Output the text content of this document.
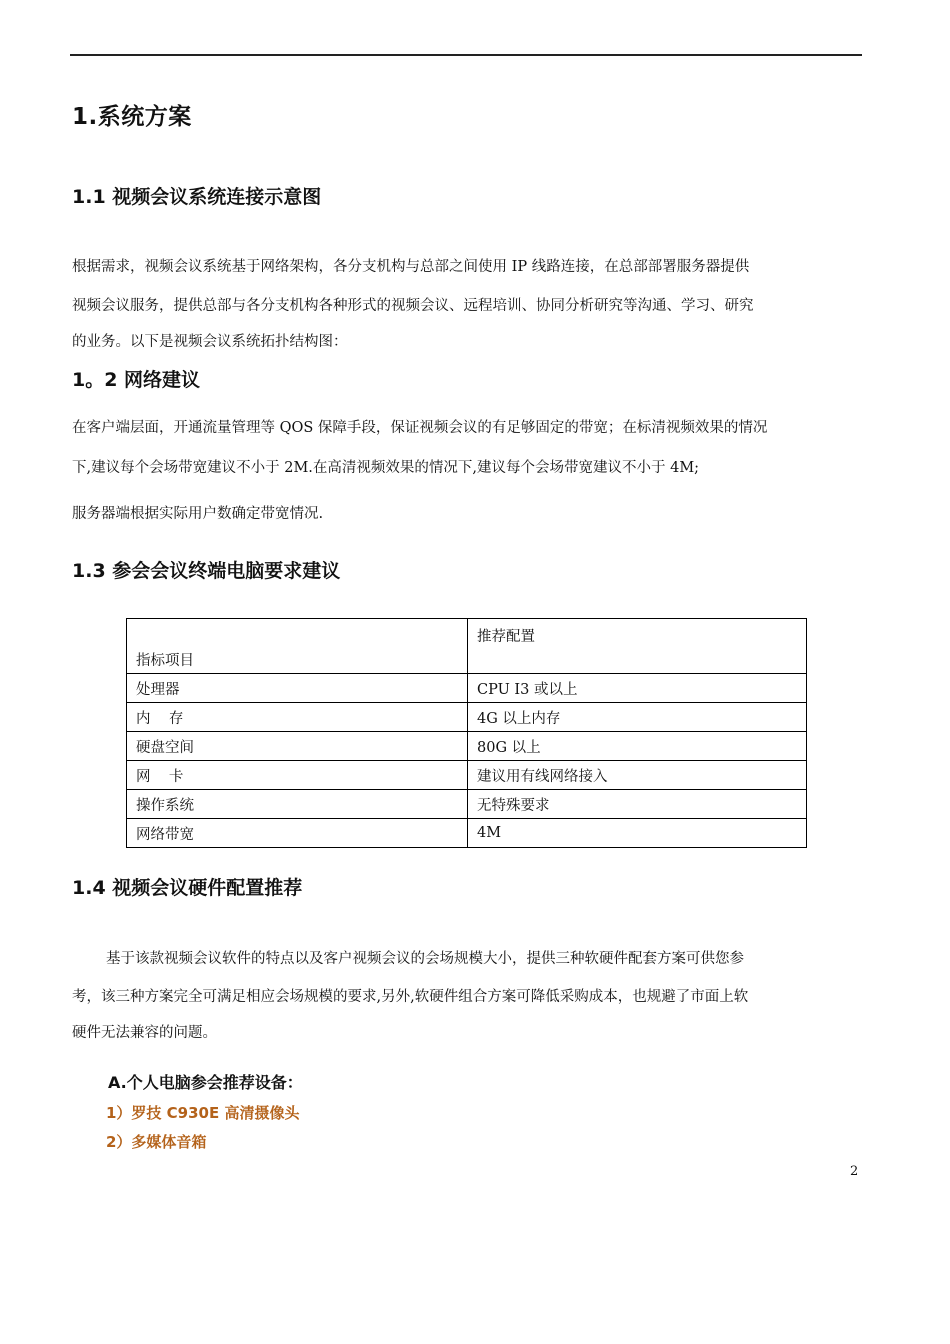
1.系统方案
1.1 视频会议系统连接示意图
根据需求，视频会议系统基于网络架构，各分支机构与总部之间使用 IP 线路连接，在总部部署服务器提供
视频会议服务，提供总部与各分支机构各种形式的视频会议、远程培训、协同分析研究等沟通、学习、研究
的业务。以下是视频会议系统拓扑结构图：
1。2 网络建议
在客户端层面，开通流量管理等 QOS 保障手段，保证视频会议的有足够固定的带宽；在标清视频效果的情况
下,建议每个会场带宽建议不小于 2M.在高清视频效果的情况下,建议每个会场带宽建议不小于 4M;
服务器端根据实际用户数确定带宽情况.
1.3 参会会议终端电脑要求建议
指标项目	推荐配置
处理器	CPU I3 或以上
内    存	4G 以上内存
硬盘空间	80G 以上
网    卡	建议用有线网络接入
操作系统	无特殊要求
网络带宽	4M
1.4 视频会议硬件配置推荐
基于该款视频会议软件的特点以及客户视频会议的会场规模大小，提供三种软硬件配套方案可供您参
考，该三种方案完全可满足相应会场规模的要求,另外,软硬件组合方案可降低采购成本，也规避了市面上软
硬件无法兼容的问题。
A.个人电脑参会推荐设备：
1）罗技 C930E 高清摄像头
2）多媒体音箱
2
